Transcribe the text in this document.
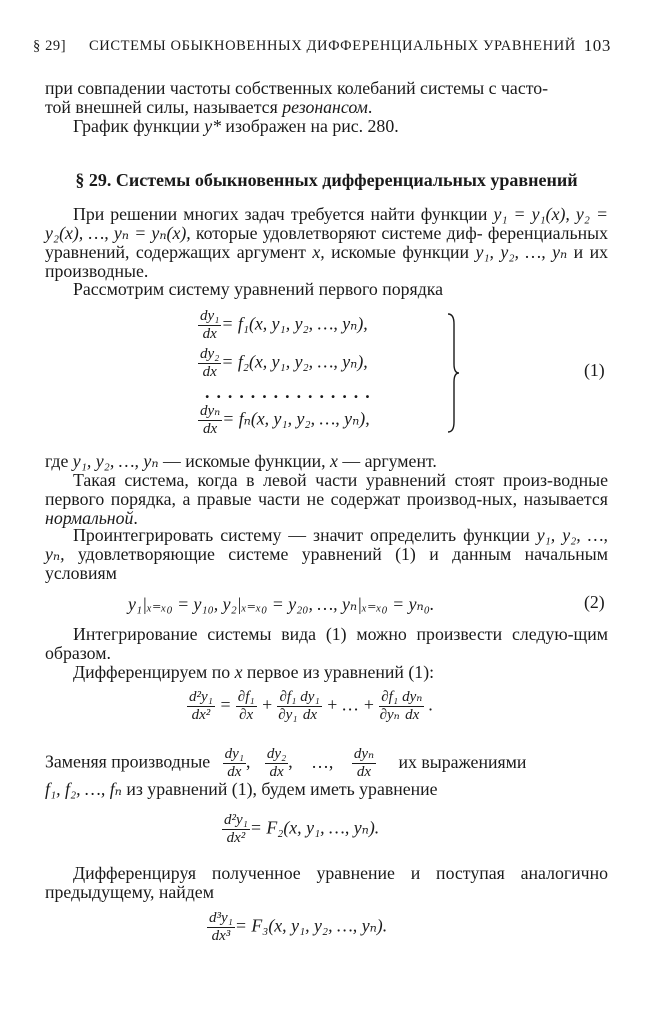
§ 29] СИСТЕМЫ ОБЫКНОВЕННЫХ ДИФФЕРЕНЦИАЛЬНЫХ УРАВНЕНИЙ 103

при совпадении частоты собственных колебаний системы с часто-
той внешней силы, называется резонансом.

График функции y* изображен на рис. 280.

§ 29. Системы обыкновенных дифференциальных уравнений

При решении многих задач требуется найти функции y₁ = y₁(x), y₂ = y₂(x), …, yₙ = yₙ(x), которые удовлетворяют системе диф- ференциальных уравнений, содержащих аргумент x, искомые функции y₁, y₂, …, yₙ и их производные.

Рассмотрим систему уравнений первого порядка

$\frac{\text{dy₁}}{dx} = f_1(x$, y₁, y₂, …, yₙ),
$\frac{\text{dy₂}}{dx} = f_2(x$, y₁, y₂, …, yₙ),
...............
$\frac{\text{dyₙ}}{dx} = f_n(x$, y₁, y₂, …, yₙ),
(1)

где y₁, y₂, …, yₙ — искомые функции, x — аргумент.

Такая система, когда в левой части уравнений стоят произ-водные первого порядка, а правые части не содержат производ-ных, называется нормальной.

Проинтегрировать систему — значит определить функции y₁, y₂, …, yₙ, удовлетворяющие системе уравнений (1) и данным начальным условиям

y₁|ₓ₌ₓ₀ = y₁₀, y₂|ₓ₌ₓ₀ = y₂₀, …, yₙ|ₓ₌ₓ₀ = yₙ₀.	(2)

Интегрирование системы вида (1) можно произвести следую-щим образом.

Дифференцируем по x первое из уравнений (1):

$\frac{\text{d²y₁}}{\text{dx²}} = \frac{\text{∂f₁}}{\partial x} + \frac{\text{∂f₁}}{\text{∂y₁}} \frac{\text{dy₁}}{dx}$ + … + $\frac{\text{∂f₁}}{\text{∂yₙ}} \frac{\text{dyₙ}}{dx}$ .
Заменяя производные $\frac{\text{dy₁}}{dx}$ , $\frac{\text{dy₂}}{dx}$ , …, $\frac{\text{dyₙ}}{dx}$ их выражениями

f₁, f₂, …, fₙ из уравнений (1), будем иметь уравнение

$\frac{\text{d²y₁}}{\text{dx²}} = F_2(x$, y₁, …, yₙ).

Дифференцируя полученное уравнение и поступая аналогично предыдущему, найдем

$\frac{\text{d³y₁}}{\text{dx³}} = F_3(x$, y₁, y₂, …, yₙ).
